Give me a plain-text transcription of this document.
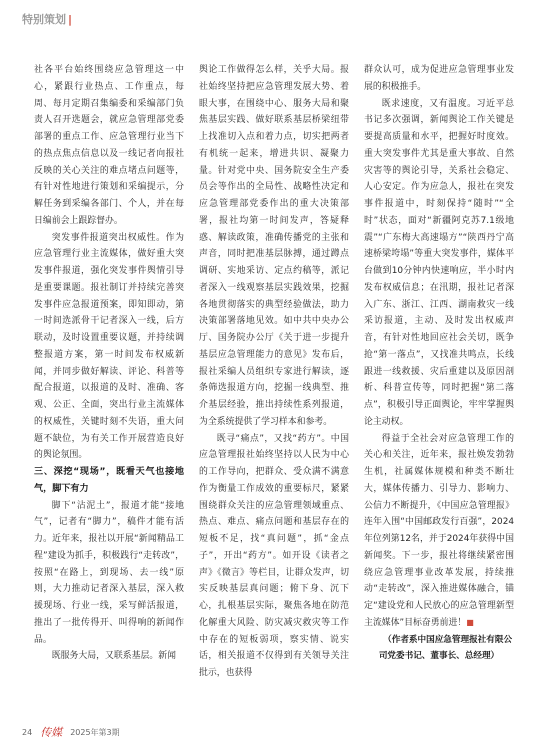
特别策划 |

社各平台始终围绕应急管理这一中心，紧跟行业热点、工作重点，每周、每月定期召集编委和采编部门负责人召开选题会，就应急管理部党委部署的重点工作、应急管理行业当下的热点焦点信息以及一线记者向报社反映的关心关注的难点堵点问题等，有针对性地进行策划和采编提示，分解任务到采编各部门、个人，并在每日编前会上跟踪督办。

突发事件报道突出权威性。作为应急管理行业主流媒体，做好重大突发事件报道，强化突发事件舆情引导是重要课题。报社制订并持续完善突发事件应急报道预案，即知即动，第一时间选派骨干记者深入一线，后方联动，及时设置重要议题，并持续调整报道方案，第一时间发布权威新闻，并同步做好解读、评论、科普等配合报道，以报道的及时、准确、客观、公正、全面，突出行业主流媒体的权威性，关键时刻不失语，重大问题不缺位，为有关工作开展营造良好的舆论氛围。

三、深挖“现场”，既看天气也接地气，脚下有力

脚下“沾泥土”，报道才能“接地气”，记者有“脚力”，稿件才能有活力。近年来，报社以开展“新闻精品工程”建设为抓手，积极践行“走转改”，按照“在路上，到现场、去一线”原则，大力推动记者深入基层，深入救援现场、行业一线，采写鲜活报道，推出了一批传得开、叫得响的新闻作品。

既服务大局，又联系基层。新闻

舆论工作做得怎么样，关乎大局。报社始终坚持把应急管理发展大势、着眼大事，在围绕中心、服务大局和聚焦基层实践、做好联系基层桥梁纽带上找准切入点和着力点，切实把两者有机统一起来，增进共识、凝聚力量。针对党中央、国务院安全生产委员会等作出的全局性、战略性决定和应急管理部党委作出的重大决策部署，报社均第一时间发声，答疑释惑、解读政策，准确传播党的主张和声音，同时把准基层脉搏，通过蹲点调研、实地采访、定点约稿等，派记者深入一线观察基层实践效果，挖掘各地贯彻落实的典型经验做法，助力决策部署落地见效。如中共中央办公厅、国务院办公厅《关于进一步提升基层应急管理能力的意见》发布后，报社采编人员组织专家进行解读，逐条筛选报道方向，挖掘一线典型、推介基层经验，推出持续性系列报道，为全系统提供了学习样本和参考。

既寻“痛点”，又找“药方”。中国应急管理报社始终坚持以人民为中心的工作导向，把群众、受众满不满意作为衡量工作成效的重要标尺，紧紧围绕群众关注的应急管理领域重点、热点、难点、痛点问题和基层存在的短板不足，找“真问题”，抓“金点子”，开出“药方”。如开设《读者之声》《微言》等栏目，让群众发声，切实反映基层真问题；俯下身、沉下心，扎根基层实际，聚焦各地在防范化解重大风险、防灾减灾救灾等工作中存在的短板弱项，察实情、说实话，相关报道不仅得到有关领导关注批示，也获得

群众认可，成为促进应急管理事业发展的积极推手。

既求速度，又有温度。习近平总书记多次强调，新闻舆论工作关键是要提高质量和水平，把握好时度效。重大突发事件尤其是重大事故、自然灾害等的舆论引导，关系社会稳定、人心安定。作为应急人，报社在突发事件报道中，时刻保持“随时”“全时”状态，面对“新疆阿克苏7.1级地震”“广东梅大高速塌方”“陕西丹宁高速桥梁垮塌”等重大突发事件，媒体平台做到10分钟内快速响应，半小时内发布权威信息；在汛期，报社记者深入广东、浙江、江西、湖南救灾一线采访报道，主动、及时发出权威声音，有针对性地回应社会关切，既争抢“第一落点”，又找准共鸣点，长线跟进一线救援、灾后重建以及原因剖析、科普宣传等，同时把握“第二落点”，积极引导正面舆论，牢牢掌握舆论主动权。

得益于全社会对应急管理工作的关心和关注，近年来，报社焕发勃勃生机，社属媒体规模和种类不断壮大，媒体传播力、引导力、影响力、公信力不断提升，《中国应急管理报》连年入围“中国邮政发行百强”，2024年位列第12名，并于2024年获得中国新闻奖。下一步，报社将继续紧密围绕应急管理事业改革发展，持续推动“走转改”，深入推进媒体融合，锚定“建设党和人民放心的应急管理新型主流媒体”目标奋勇前进！■

（作者系中国应急管理报社有限公司党委书记、董事长、总经理）

24 传媒 2025年第3期
